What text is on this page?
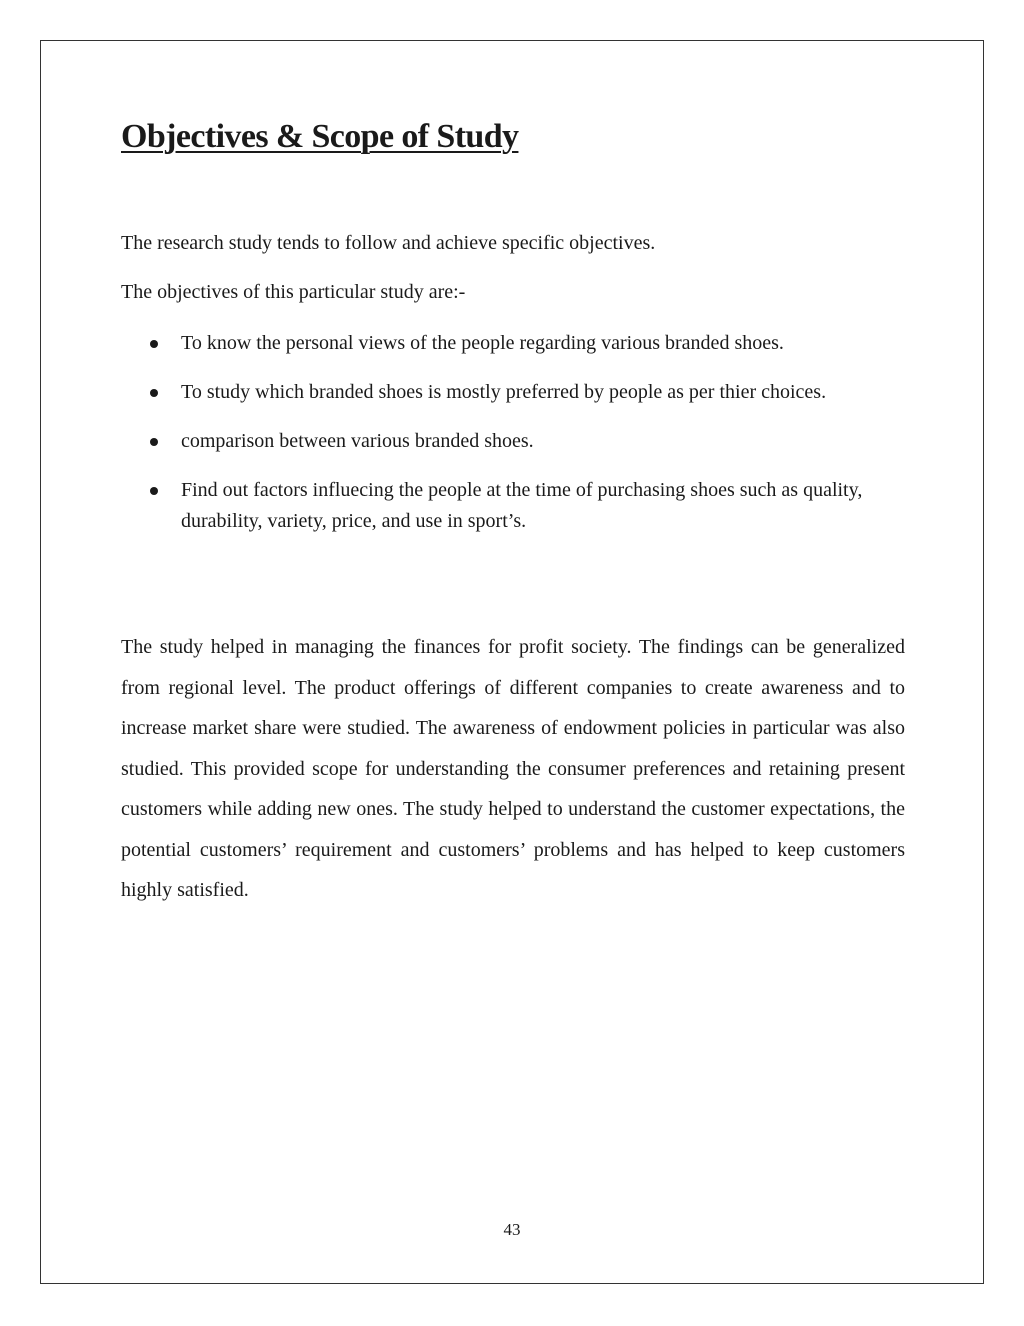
Objectives & Scope of Study

The research study tends to follow and achieve specific objectives.

The objectives of this particular study are:-

To know the personal views of the people regarding various branded shoes.
To study which branded shoes is mostly preferred by people as per thier choices.
comparison between various branded shoes.
Find out factors influecing the people at the time of purchasing shoes such as quality, durability, variety, price, and use in sport’s.

The study helped in managing the finances for profit society. The findings can be generalized from regional level. The product offerings of different companies to create awareness and to increase market share were studied. The awareness of endowment policies in particular was also studied. This provided scope for understanding the consumer preferences and retaining present customers while adding new ones. The study helped to understand the customer expectations, the potential customers’ requirement and customers’ problems and has helped to keep customers highly satisfied.

43
